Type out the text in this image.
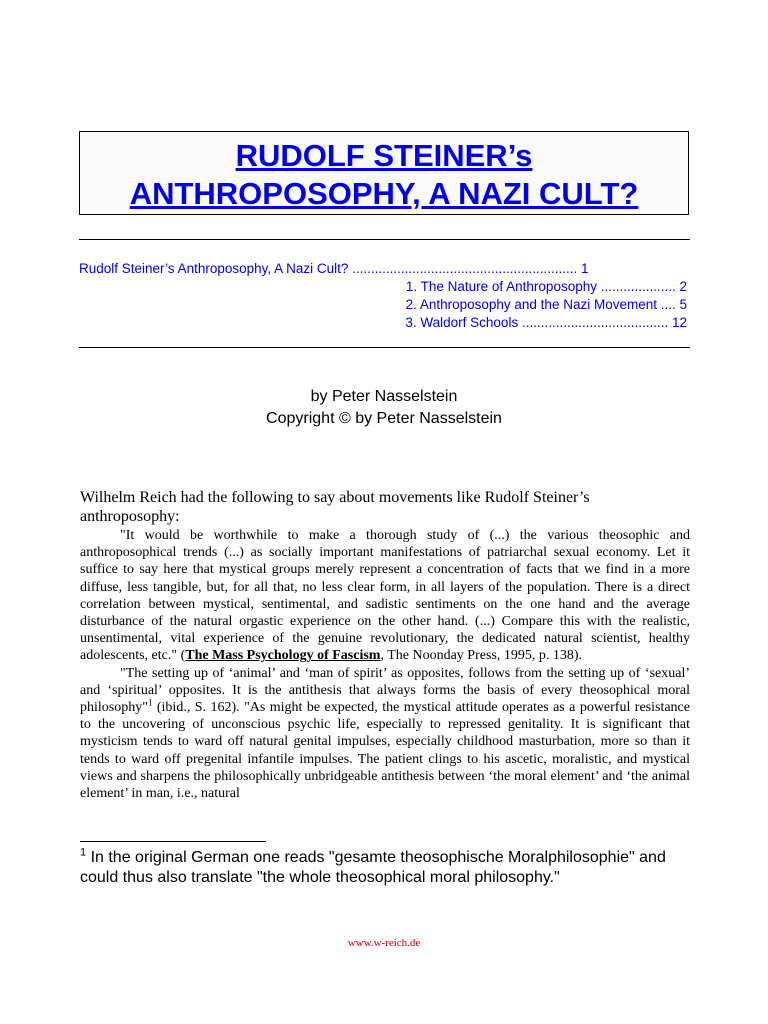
RUDOLF STEINER’s
ANTHROPOSOPHY, A NAZI CULT?
Rudolf Steiner’s Anthroposophy, A Nazi Cult? ............................................................ 1
1. The Nature of Anthroposophy .................... 2
2. Anthroposophy and the Nazi Movement .... 5
3. Waldorf Schools ....................................... 12
by Peter Nasselstein
Copyright © by Peter Nasselstein

Wilhelm Reich had the following to say about movements like Rudolf Steiner’s anthroposophy:

"It would be worthwhile to make a thorough study of (...) the various theosophic and anthroposophical trends (...) as socially important manifestations of patriarchal sexual economy. Let it suffice to say here that mystical groups merely represent a concentration of facts that we find in a more diffuse, less tangible, but, for all that, no less clear form, in all layers of the population. There is a direct correlation between mystical, sentimental, and sadistic sentiments on the one hand and the average disturbance of the natural orgastic experience on the other hand. (...) Compare this with the realistic, unsentimental, vital experience of the genuine revolutionary, the dedicated natural scientist, healthy adolescents, etc." (The Mass Psychology of Fascism, The Noonday Press, 1995, p. 138).

"The setting up of ‘animal’ and ‘man of spirit’ as opposites, follows from the setting up of ‘sexual’ and ‘spiritual’ opposites. It is the antithesis that always forms the basis of every theosophical moral philosophy"$^1$ (ibid., S. 162). "As might be expected, the mystical attitude operates as a powerful resistance to the uncovering of unconscious psychic life, especially to repressed genitality. It is significant that mysticism tends to ward off natural genital impulses, especially childhood masturbation, more so than it tends to ward off pregenital infantile impulses. The patient clings to his ascetic, moralistic, and mystical views and sharpens the philosophically unbridgeable antithesis between ‘the moral element’ and ‘the animal element’ in man, i.e., natural

$^1$ In the original German one reads "gesamte theosophische Moralphilosophie" and could thus also translate "the whole theosophical moral philosophy."
www.w-reich.de
